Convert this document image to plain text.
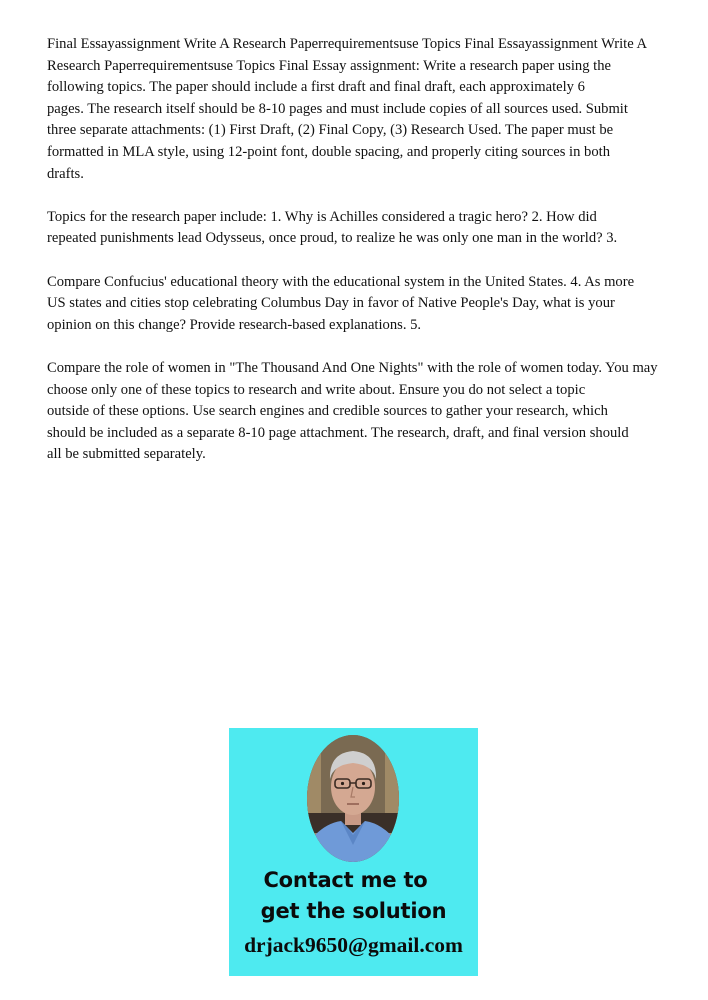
Final Essayassignment Write A Research Paperrequirementsuse Topics Final Essayassignment Write A
Research Paperrequirementsuse Topics Final Essay assignment: Write a research paper using the
following topics. The paper should include a first draft and final draft, each approximately 6
pages. The research itself should be 8-10 pages and must include copies of all sources used. Submit
three separate attachments: (1) First Draft, (2) Final Copy, (3) Research Used. The paper must be
formatted in MLA style, using 12-point font, double spacing, and properly citing sources in both
drafts.

Topics for the research paper include: 1. Why is Achilles considered a tragic hero? 2. How did
repeated punishments lead Odysseus, once proud, to realize he was only one man in the world? 3.

Compare Confucius' educational theory with the educational system in the United States. 4. As more
US states and cities stop celebrating Columbus Day in favor of Native People's Day, what is your
opinion on this change? Provide research-based explanations. 5.

Compare the role of women in "The Thousand And One Nights" with the role of women today. You may
choose only one of these topics to research and write about. Ensure you do not select a topic
outside of these options. Use search engines and credible sources to gather your research, which
should be included as a separate 8-10 page attachment. The research, draft, and final version should
all be submitted separately.

Contact me to
get the solution
drjack9650@gmail.com
